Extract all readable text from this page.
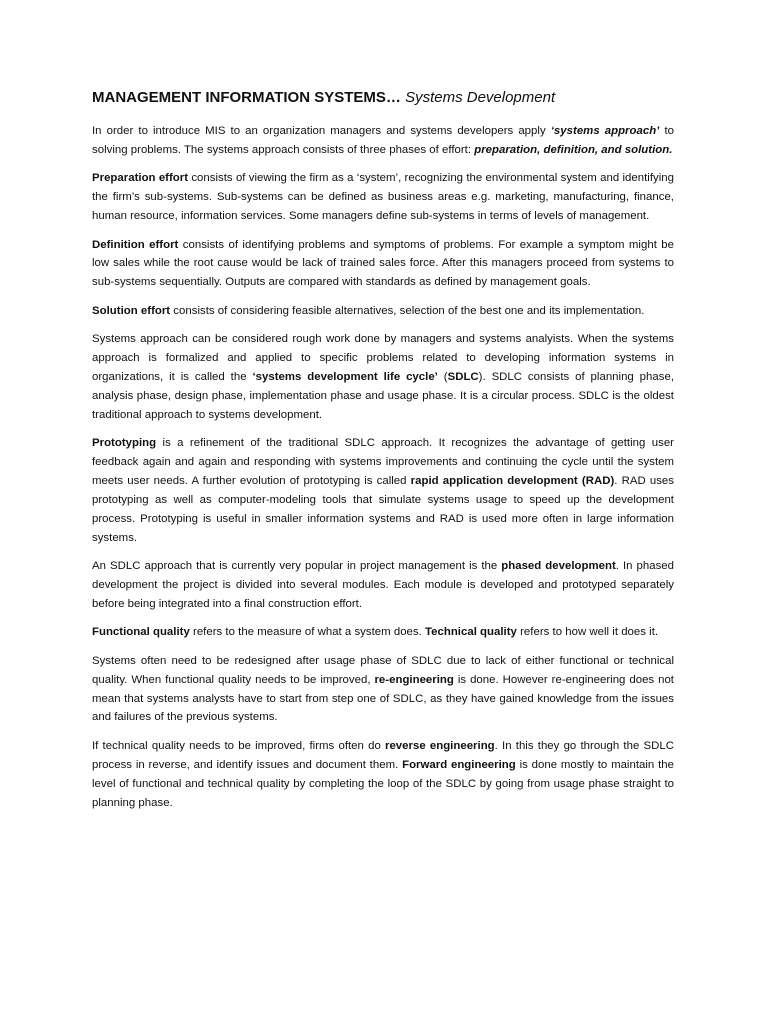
MANAGEMENT INFORMATION SYSTEMS… Systems Development

In order to introduce MIS to an organization managers and systems developers apply ‘systems approach’ to solving problems. The systems approach consists of three phases of effort: preparation, definition, and solution.

Preparation effort consists of viewing the firm as a ‘system’, recognizing the environmental system and identifying the firm’s sub-systems. Sub-systems can be defined as business areas e.g. marketing, manufacturing, finance, human resource, information services. Some managers define sub-systems in terms of levels of management.

Definition effort consists of identifying problems and symptoms of problems. For example a symptom might be low sales while the root cause would be lack of trained sales force. After this managers proceed from systems to sub-systems sequentially. Outputs are compared with standards as defined by management goals.

Solution effort consists of considering feasible alternatives, selection of the best one and its implementation.

Systems approach can be considered rough work done by managers and systems analyists. When the systems approach is formalized and applied to specific problems related to developing information systems in organizations, it is called the ‘systems development life cycle’ (SDLC). SDLC consists of planning phase, analysis phase, design phase, implementation phase and usage phase. It is a circular process. SDLC is the oldest traditional approach to systems development.

Prototyping is a refinement of the traditional SDLC approach. It recognizes the advantage of getting user feedback again and again and responding with systems improvements and continuing the cycle until the system meets user needs. A further evolution of prototyping is called rapid application development (RAD). RAD uses prototyping as well as computer-modeling tools that simulate systems usage to speed up the development process. Prototyping is useful in smaller information systems and RAD is used more often in large information systems.

An SDLC approach that is currently very popular in project management is the phased development. In phased development the project is divided into several modules. Each module is developed and prototyped separately before being integrated into a final construction effort.

Functional quality refers to the measure of what a system does. Technical quality refers to how well it does it.

Systems often need to be redesigned after usage phase of SDLC due to lack of either functional or technical quality. When functional quality needs to be improved, re-engineering is done. However re-engineering does not mean that systems analysts have to start from step one of SDLC, as they have gained knowledge from the issues and failures of the previous systems.

If technical quality needs to be improved, firms often do reverse engineering. In this they go through the SDLC process in reverse, and identify issues and document them. Forward engineering is done mostly to maintain the level of functional and technical quality by completing the loop of the SDLC by going from usage phase straight to planning phase.
